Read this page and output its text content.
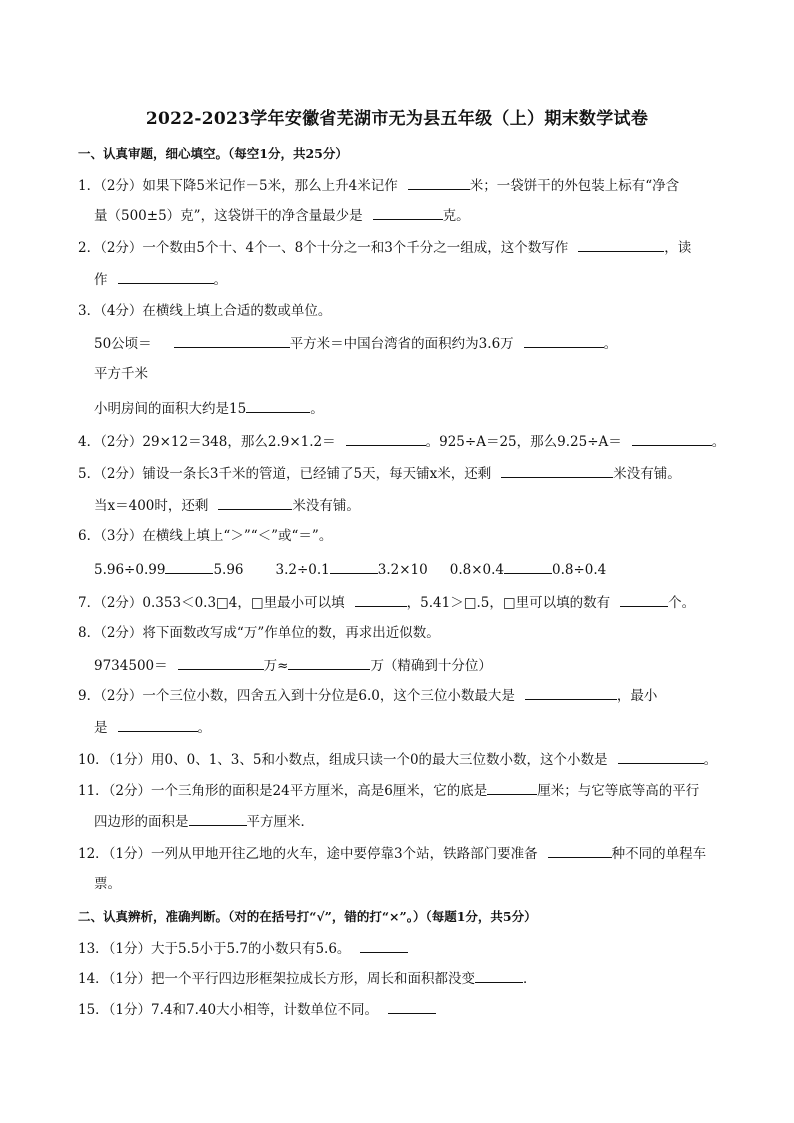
2022-2023学年安徽省芜湖市无为县五年级（上）期末数学试卷
一、认真审题，细心填空。（每空1分，共25分）
1．（2分）如果下降5米记作－5米，那么上升4米记作	米；一袋饼干的外包装上标有“净含
量（500±5）克”，这袋饼干的净含量最少是	克。
2．（2分）一个数由5个十、4个一、8个十分之一和3个千分之一组成，这个数写作	，读
作	。
3．（4分）在横线上填上合适的数或单位。
50公顷＝	平方米＝中国台湾省的面积约为3.6万	。
平方千米
小明房间的面积大约是15	。
4．（2分）29×12＝348，那么2.9×1.2＝	。925÷A＝25，那么9.25÷A＝	。
5．（2分）铺设一条长3千米的管道，已经铺了5天，每天铺x米，还剩	米没有铺。
当x＝400时，还剩	米没有铺。
6．（3分）在横线上填上“＞”“＜”或“＝”。
5.96÷0.99	5.96 3.2÷0.1	3.2×10 0.8×0.4	0.8÷0.4
7．（2分）0.353＜0.3□4，□里最小可以填	，5.41＞□.5，□里可以填的数有	个。
8．（2分）将下面数改写成“万”作单位的数，再求出近似数。
9734500＝	万≈	万（精确到十分位）
9．（2分）一个三位小数，四舍五入到十分位是6.0，这个三位小数最大是	，最小
是	。
10．（1分）用0、0、1、3、5和小数点，组成只读一个0的最大三位数小数，这个小数是	。
11．（2分）一个三角形的面积是24平方厘米，高是6厘米，它的底是	厘米；与它等底等高的平行
四边形的面积是	平方厘米．
12．（1分）一列从甲地开往乙地的火车，途中要停靠3个站，铁路部门要准备	种不同的单程车
票。
二、认真辨析，准确判断。（对的在括号打“√”，错的打“×”。）（每题1分，共5分）
13．（1分）大于5.5小于5.7的小数只有5.6。
14．（1分）把一个平行四边形框架拉成长方形，周长和面积都没变	．
15．（1分）7.4和7.40大小相等，计数单位不同。
